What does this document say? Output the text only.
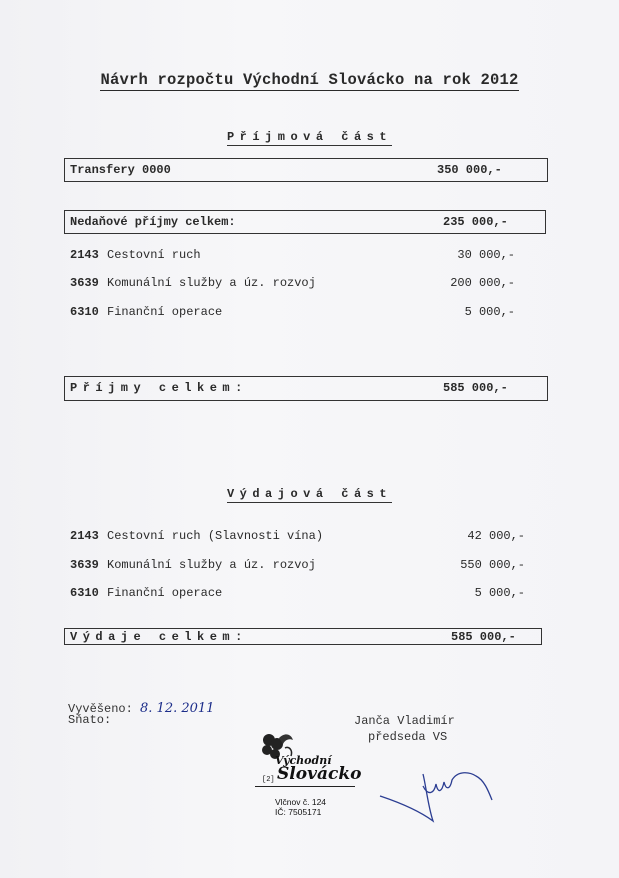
Návrh rozpočtu Východní Slovácko na rok 2012
Příjmová část
Transfery 0000	350 000,-
Nedaňové příjmy celkem:	235 000,-
2143 Cestovní ruch	30 000,-
3639 Komunální služby a úz. rozvoj	200 000,-
6310 Finanční operace	5 000,-
Příjmy celkem:	585 000,-
Výdajová část
2143 Cestovní ruch (Slavnosti vína)	42 000,-
3639 Komunální služby a úz. rozvoj	550 000,-
6310 Finanční operace	5 000,-
Výdaje celkem:	585 000,-
Vyvěšeno: 8. 12. 2011
Sňato:	Janča Vladimír
předseda VS
Východní
Slovácko
[2]
Vlčnov č. 124
IČ: 7505171
